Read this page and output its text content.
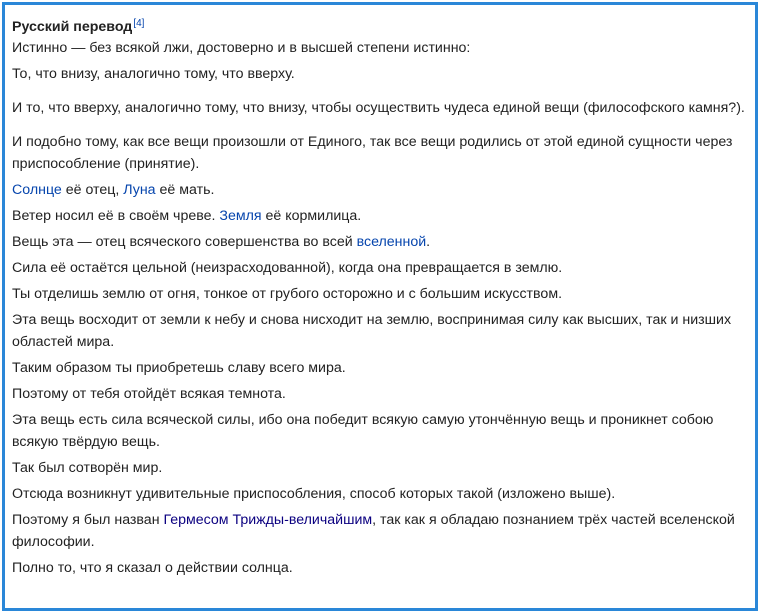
Русский перевод[4]

Истинно — без всякой лжи, достоверно и в высшей степени истинно:

То, что внизу, аналогично тому, что вверху.

И то, что вверху, аналогично тому, что внизу, чтобы осуществить чудеса единой вещи (философского камня?).

И подобно тому, как все вещи произошли от Единого, так все вещи родились от этой единой сущности через

приспособление (принятие).

Солнце её отец, Луна её мать.

Ветер носил её в своём чреве. Земля её кормилица.

Вещь эта — отец всяческого совершенства во всей вселенной.

Сила её остаётся цельной (неизрасходованной), когда она превращается в землю.

Ты отделишь землю от огня, тонкое от грубого осторожно и с большим искусством.

Эта вещь восходит от земли к небу и снова нисходит на землю, воспринимая силу как высших, так и низших

областей мира.

Таким образом ты приобретешь славу всего мира.

Поэтому от тебя отойдёт всякая темнота.

Эта вещь есть сила всяческой силы, ибо она победит всякую самую утончённую вещь и проникнет собою

всякую твёрдую вещь.

Так был сотворён мир.

Отсюда возникнут удивительные приспособления, способ которых такой (изложено выше).

Поэтому я был назван Гермесом Трижды-величайшим, так как я обладаю познанием трёх частей вселенской

философии.

Полно то, что я сказал о действии солнца.
